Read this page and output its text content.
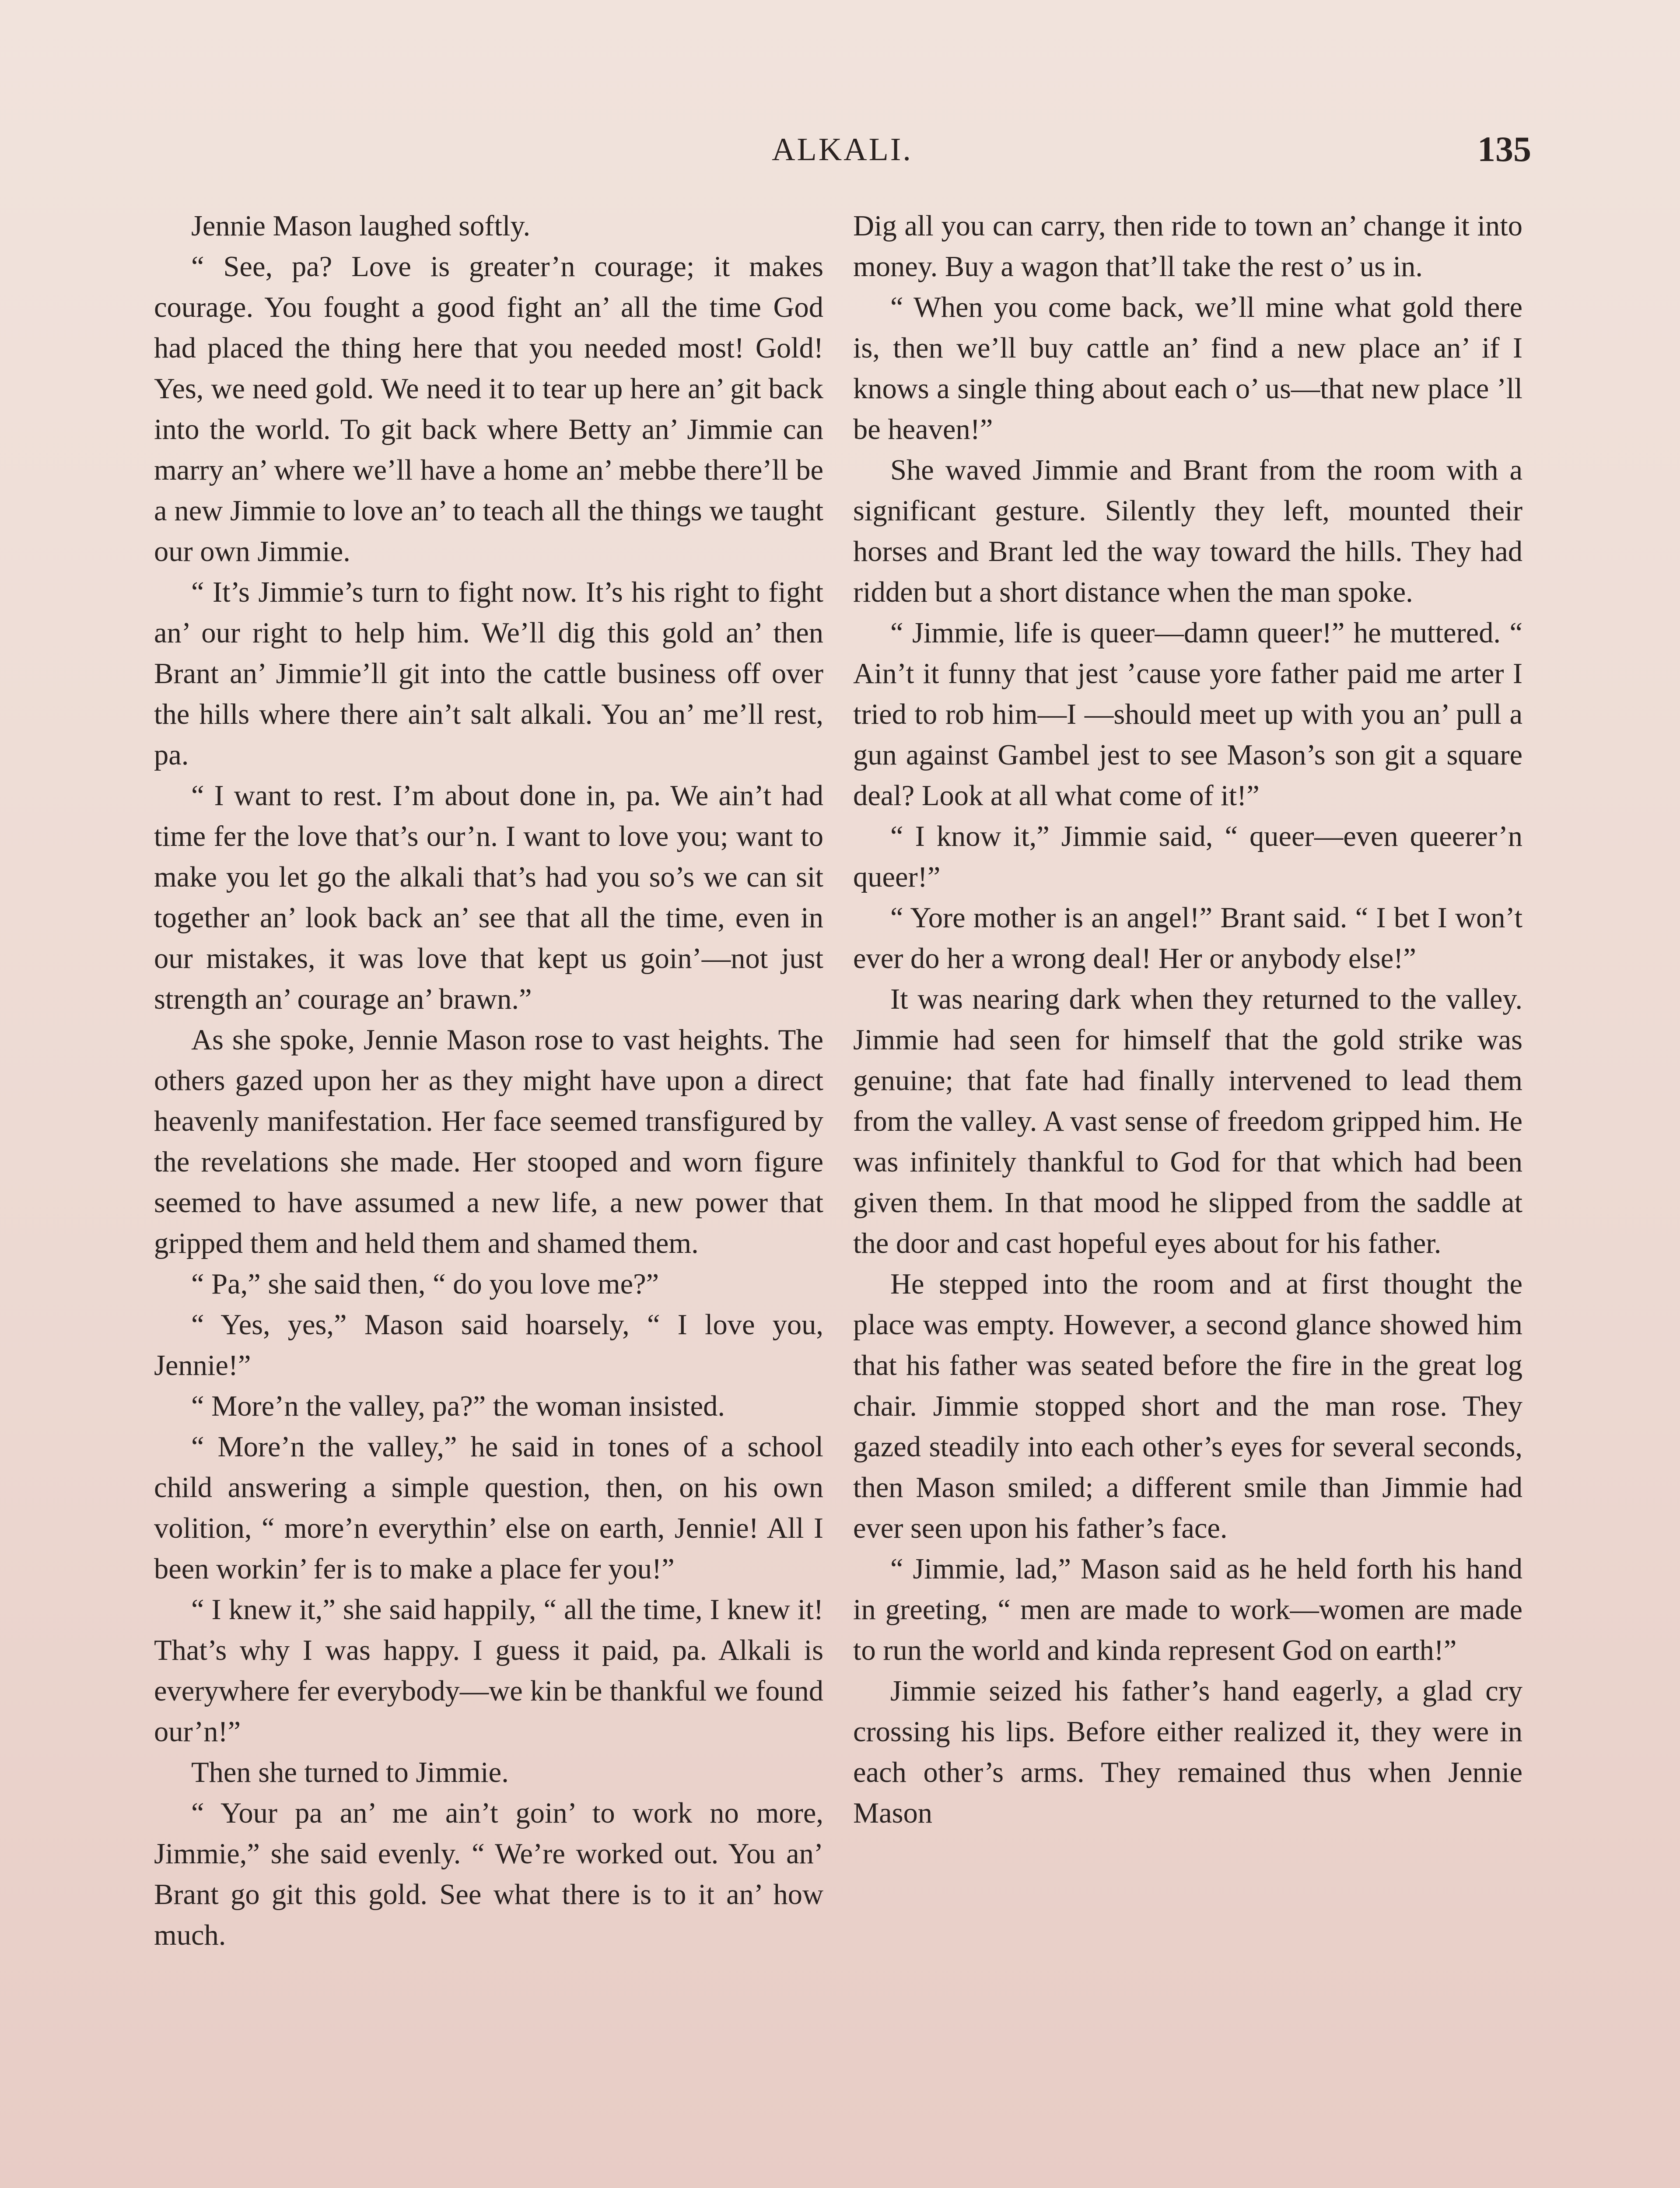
ALKALI.	135

Jennie Mason laughed softly.

“ See, pa? Love is greater’n courage; it makes courage. You fought a good fight an’ all the time God had placed the thing here that you needed most! Gold! Yes, we need gold. We need it to tear up here an’ git back into the world. To git back where Betty an’ Jimmie can marry an’ where we’ll have a home an’ mebbe there’ll be a new Jimmie to love an’ to teach all the things we taught our own Jimmie.

“ It’s Jimmie’s turn to fight now. It’s his right to fight an’ our right to help him. We’ll dig this gold an’ then Brant an’ Jimmie’ll git into the cattle business off over the hills where there ain’t salt alkali. You an’ me’ll rest, pa.

“ I want to rest. I’m about done in, pa. We ain’t had time fer the love that’s our’n. I want to love you; want to make you let go the alkali that’s had you so’s we can sit together an’ look back an’ see that all the time, even in our mistakes, it was love that kept us goin’—not just strength an’ courage an’ brawn.”

As she spoke, Jennie Mason rose to vast heights. The others gazed upon her as they might have upon a direct heavenly manifestation. Her face seemed transfigured by the revelations she made. Her stooped and worn figure seemed to have assumed a new life, a new power that gripped them and held them and shamed them.

“ Pa,” she said then, “ do you love me?”

“ Yes, yes,” Mason said hoarsely, “ I love you, Jennie!”

“ More’n the valley, pa?” the woman insisted.

“ More’n the valley,” he said in tones of a school child answering a simple question, then, on his own volition, “ more’n everythin’ else on earth, Jennie! All I been workin’ fer is to make a place fer you!”

“ I knew it,” she said happily, “ all the time, I knew it! That’s why I was happy. I guess it paid, pa. Alkali is everywhere fer everybody—we kin be thankful we found our’n!”

Then she turned to Jimmie.

“ Your pa an’ me ain’t goin’ to work no more, Jimmie,” she said evenly. “ We’re worked out. You an’ Brant go git this gold. See what there is to it an’ how much.

Dig all you can carry, then ride to town an’ change it into money. Buy a wagon that’ll take the rest o’ us in.

“ When you come back, we’ll mine what gold there is, then we’ll buy cattle an’ find a new place an’ if I knows a single thing about each o’ us—that new place ’ll be heaven!”

She waved Jimmie and Brant from the room with a significant gesture. Silently they left, mounted their horses and Brant led the way toward the hills. They had ridden but a short distance when the man spoke.

“ Jimmie, life is queer—damn queer!” he muttered. “ Ain’t it funny that jest ’cause yore father paid me arter I tried to rob him—I —should meet up with you an’ pull a gun against Gambel jest to see Mason’s son git a square deal? Look at all what come of it!”

“ I know it,” Jimmie said, “ queer—even queerer’n queer!”

“ Yore mother is an angel!” Brant said. “ I bet I won’t ever do her a wrong deal! Her or anybody else!”

It was nearing dark when they returned to the valley. Jimmie had seen for himself that the gold strike was genuine; that fate had finally intervened to lead them from the valley. A vast sense of freedom gripped him. He was infinitely thankful to God for that which had been given them. In that mood he slipped from the saddle at the door and cast hopeful eyes about for his father.

He stepped into the room and at first thought the place was empty. However, a second glance showed him that his father was seated before the fire in the great log chair. Jimmie stopped short and the man rose. They gazed steadily into each other’s eyes for several seconds, then Mason smiled; a different smile than Jimmie had ever seen upon his father’s face.

“ Jimmie, lad,” Mason said as he held forth his hand in greeting, “ men are made to work—women are made to run the world and kinda represent God on earth!”

Jimmie seized his father’s hand eagerly, a glad cry crossing his lips. Before either realized it, they were in each other’s arms. They remained thus when Jennie Mason
